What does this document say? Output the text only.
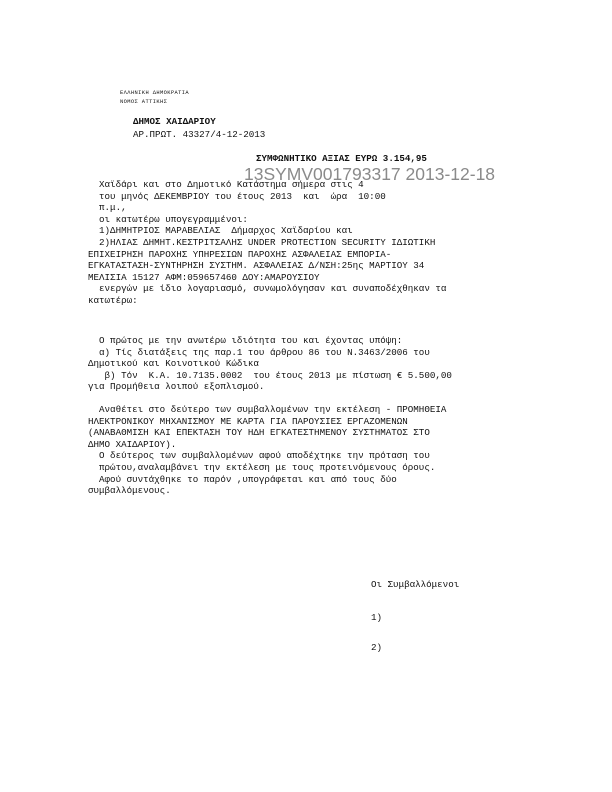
ΕΛΛΗΝΙΚΗ ΔΗΜΟΚΡΑΤΙΑ
ΝΟΜΟΣ ΑΤΤΙΚΗΣ
ΔΗΜΟΣ ΧΑΙΔΑΡΙΟΥ
ΑΡ.ΠΡΩΤ. 43327/4-12-2013
ΣΥΜΦΩΝΗΤΙΚΟ ΑΞΙΑΣ ΕΥΡΩ 3.154,95
13SYMV001793317 2013-12-18
Χαϊδάρι και στο Δημοτικό Κατάστημα σήμερα στις 4
του μηνός ΔΕΚΕΜΒΡΙΟΥ του έτους 2013  και  ώρα  10:00
π.μ.,
οι κατωτέρω υπογεγραμμένοι:
1)ΔΗΜΗΤΡΙΟΣ ΜΑΡΑΒΕΛΙΑΣ  Δήμαρχος Χαϊδαρίου και
2)ΗΛΙΑΣ ΔΗΜΗΤ.ΚΕΣΤΡΙΤΣΑΛΗΣ UNDER PROTECTION SECURITY ΙΔΙΩΤΙΚΗ
ΕΠΙΧΕΙΡΗΣΗ ΠΑΡΟΧΗΣ ΥΠΗΡΕΣΙΩΝ ΠΑΡΟΧΗΣ ΑΣΦΑΛΕΙΑΣ ΕΜΠΟΡΙΑ-
ΕΓΚΑΤΑΣΤΑΣΗ-ΣΥΝΤΗΡΗΣΗ ΣΥΣΤΗΜ. ΑΣΦΑΛΕΙΑΣ Δ/ΝΣΗ:25ης ΜΑΡΤΙΟΥ 34
ΜΕΛΙΣΙΑ 15127 ΑΦΜ:059657460 ΔΟΥ:ΑΜΑΡΟΥΣΙΟΥ
ενεργών με ίδιο λογαριασμό, συνωμολόγησαν και συναποδέχθηκαν τα
κατωτέρω:
Ο πρώτος με την ανωτέρω ιδιότητα του και έχοντας υπόψη:
α) Τίς διατάξεις της παρ.1 του άρθρου 86 του Ν.3463/2006 του
Δημοτικού και Κοινοτικού Κώδικα
β) Τόν  Κ.Α. 10.7135.0002  του έτους 2013 με πίστωση € 5.500,00
για Προμήθεια λοιπού εξοπλισμού.
Αναθέτει στο δεύτερο των συμβαλλομένων την εκτέλεση - ΠΡΟΜΗΘΕΙΑ
ΗΛΕΚΤΡΟΝΙΚΟΥ ΜΗΧΑΝΙΣΜΟΥ ΜΕ ΚΑΡΤΑ ΓΙΑ ΠΑΡΟΥΣΙΕΣ ΕΡΓΑΖΟΜΕΝΩΝ
(ΑΝΑΒΑΘΜΙΣΗ ΚΑΙ ΕΠΕΚΤΑΣΗ ΤΟΥ ΗΔΗ ΕΓΚΑΤΕΣΤΗΜΕΝΟΥ ΣΥΣΤΗΜΑΤΟΣ ΣΤΟ
ΔΗΜΟ ΧΑΙΔΑΡΙΟΥ).
Ο δεύτερος των συμβαλλομένων αφού αποδέχτηκε την πρόταση του
πρώτου,αναλαμβάνει την εκτέλεση με τους προτεινόμενους όρους.
Αφού συντάχθηκε το παρόν ,υπογράφεται και από τους δύο
συμβαλλόμενους.
Οι Συμβαλλόμενοι
1)
2)
